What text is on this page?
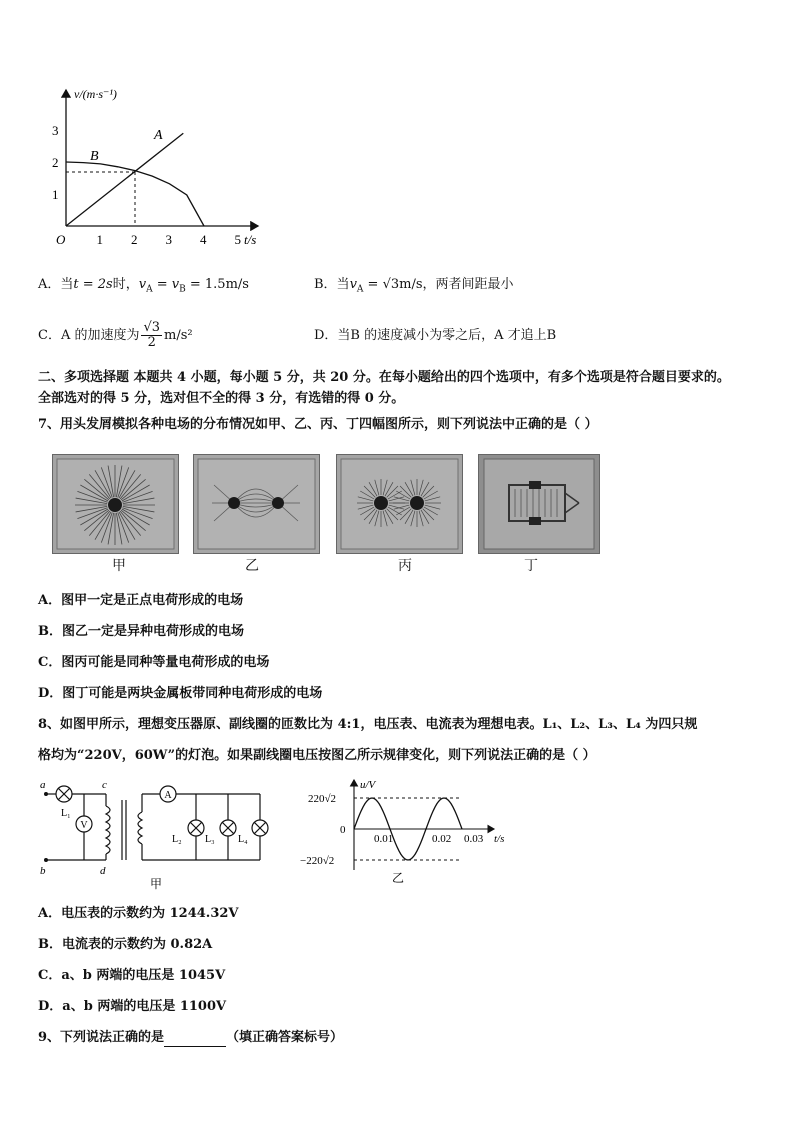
1 2 3 4 5
1
2
3
v/(m·s⁻¹)
t/s
O
A
B
A．当t = 2s时，$v_A = v_B = 1.5m/s$	B．当$v_A = √3m/s$，两者间距最小
C．A 的加速度为 $\frac{√3}{2} m/s^2$	D．当B 的速度减小为零之后，A 才追上B
二、多项选择题 本题共 4 小题，每小题 5 分，共 20 分。在每小题给出的四个选项中，有多个选项是符合题目要求的。
全部选对的得 5 分，选对但不全的得 3 分，有选错的得 0 分。
7、用头发屑模拟各种电场的分布情况如甲、乙、丙、丁四幅图所示，则下列说法中正确的是（ ）
甲	乙	丙	丁
A．图甲一定是正点电荷形成的电场
B．图乙一定是异种电荷形成的电场
C．图丙可能是同种等量电荷形成的电场
D．图丁可能是两块金属板带同种电荷形成的电场
8、如图甲所示，理想变压器原、副线圈的匝数比为 4:1，电压表、电流表为理想电表。L₁、L₂、L₃、L₄ 为四只规
格均为“220V，60W”的灯泡。如果副线圈电压按图乙所示规律变化，则下列说法正确的是（ ）
a
b
c
d
L₁
V
A
L₂ L₃ L₄
甲
u/V
220√2
0
−220√2
0.01	0.02 0.03 t/s
乙
A．电压表的示数约为 1244.32V
B．电流表的示数约为 0.82A
C．a、b 两端的电压是 1045V
D．a、b 两端的电压是 1100V
9、下列说法正确的是	（填正确答案标号）
